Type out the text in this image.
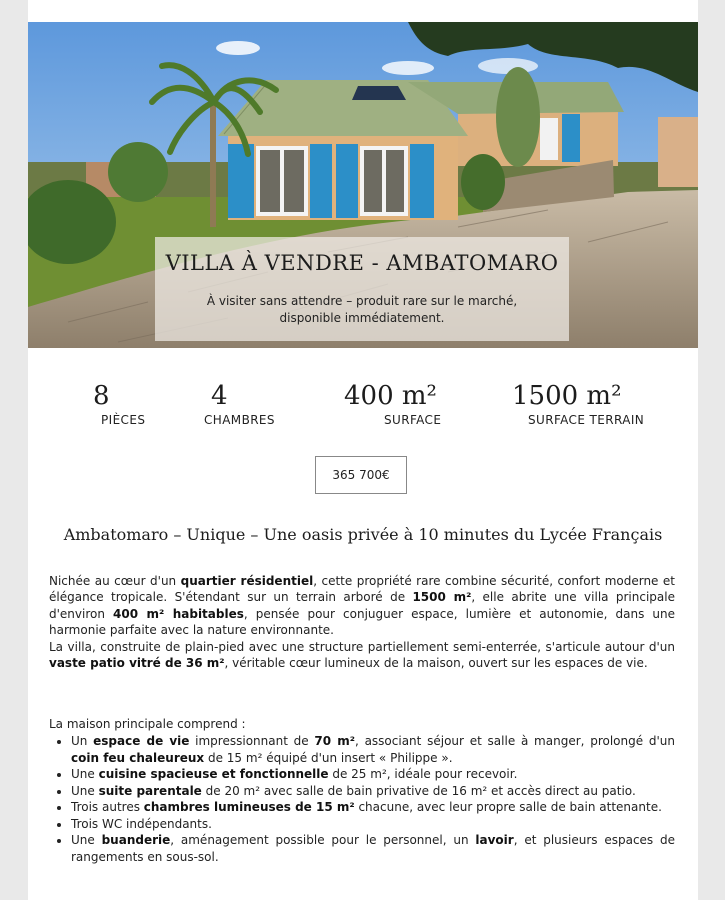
VILLA À VENDRE - AMBATOMARO
À visiter sans attendre – produit rare sur le marché, disponible immédiatement.
8
PIÈCES
4
CHAMBRES
400 m²
SURFACE
1500 m²
SURFACE TERRAIN
365 700€
Ambatomaro – Unique – Une oasis privée à 10 minutes du Lycée Français

Nichée au cœur d'un quartier résidentiel, cette propriété rare combine sécurité, confort moderne et élégance tropicale. S'étendant sur un terrain arboré de 1500 m², elle abrite une villa principale d'environ 400 m² habitables, pensée pour conjuguer espace, lumière et autonomie, dans une harmonie parfaite avec la nature environnante.

La villa, construite de plain-pied avec une structure partiellement semi-enterrée, s'articule autour d'un vaste patio vitré de 36 m², véritable cœur lumineux de la maison, ouvert sur les espaces de vie.

La maison principale comprend :
• Un espace de vie impressionnant de 70 m², associant séjour et salle à manger, prolongé d'un coin feu chaleureux de 15 m² équipé d'un insert « Philippe ».
• Une cuisine spacieuse et fonctionnelle de 25 m², idéale pour recevoir.
• Une suite parentale de 20 m² avec salle de bain privative de 16 m² et accès direct au patio.
• Trois autres chambres lumineuses de 15 m² chacune, avec leur propre salle de bain attenante.
• Trois WC indépendants.
• Une buanderie, aménagement possible pour le personnel, un lavoir, et plusieurs espaces de rangements en sous-sol.
